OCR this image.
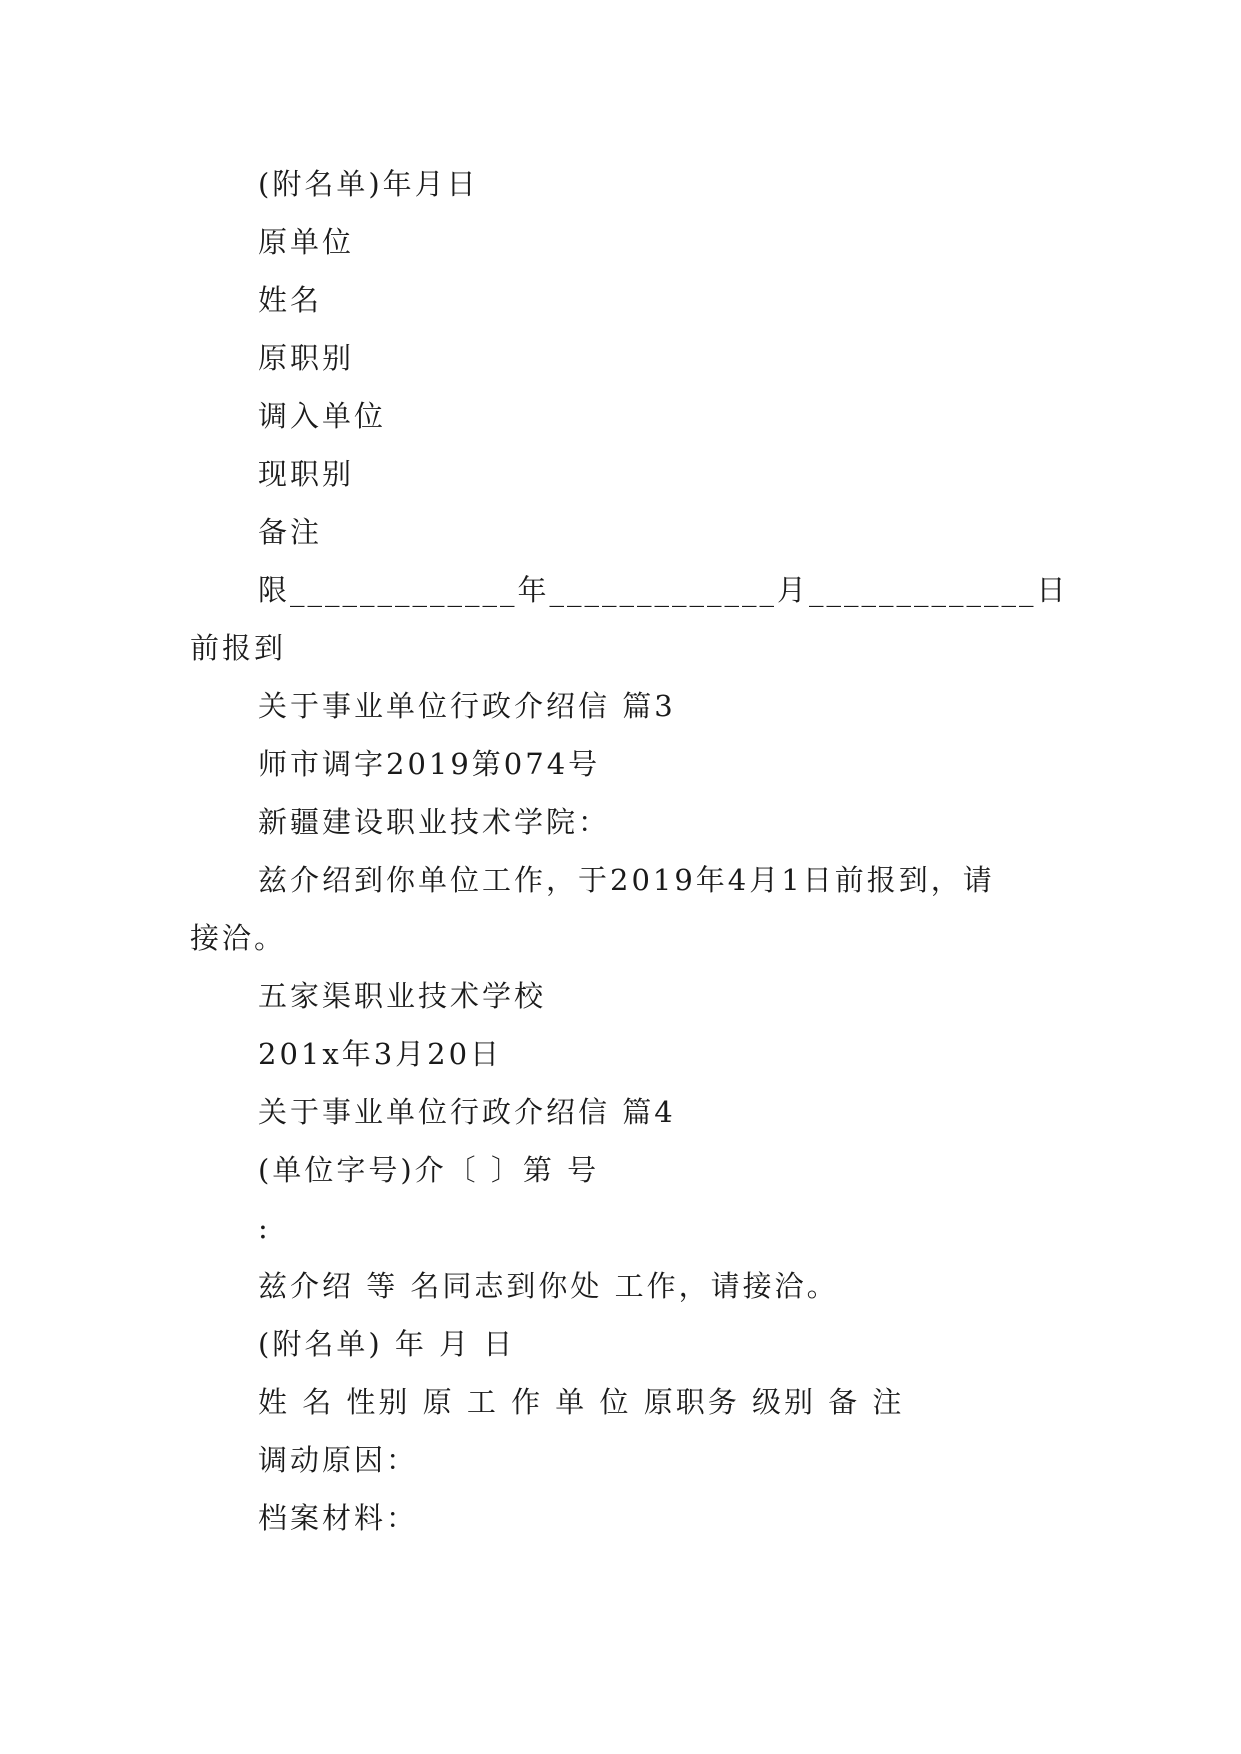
(附名单)年月日
原单位
姓名
原职别
调入单位
现职别
备注
限_____________年_____________月_____________日
前报到
关于事业单位行政介绍信 篇3
师市调字2019第074号
新疆建设职业技术学院：
兹介绍到你单位工作，于2019年4月1日前报到，请
接洽。
五家渠职业技术学校
201x年3月20日
关于事业单位行政介绍信 篇4
(单位字号)介〔 〕第 号
:
兹介绍 等 名同志到你处 工作，请接洽。
(附名单) 年 月 日
姓 名 性别 原 工 作 单 位 原职务 级别 备 注
调动原因：
档案材料：
